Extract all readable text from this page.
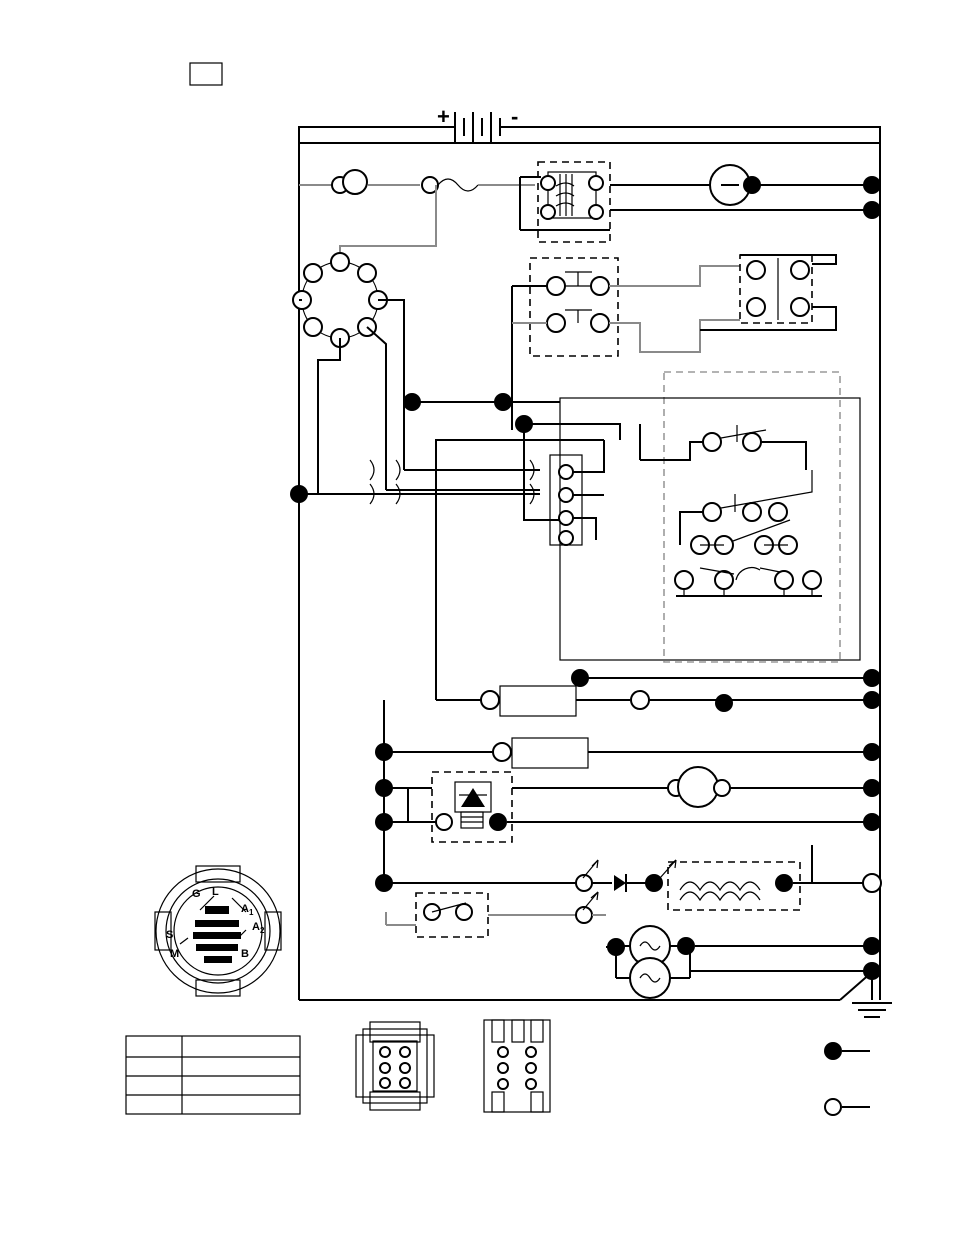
+	-
G L
$A_1$
$A_2$
S
B
M
